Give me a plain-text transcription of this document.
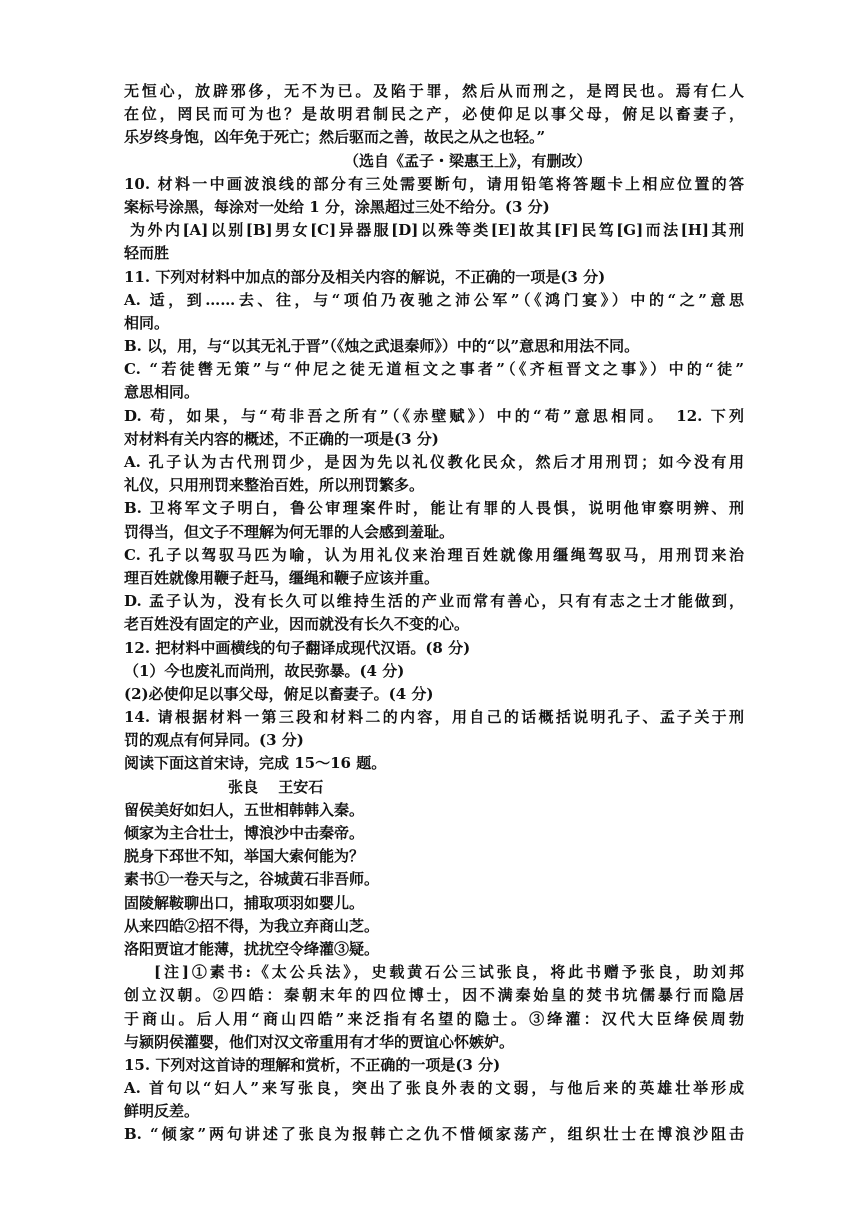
无恒心，放辟邪侈，无不为已。及陷于罪，然后从而刑之，是罔民也。焉有仁人
在位，罔民而可为也？是故明君制民之产，必使仰足以事父母，俯足以畜妻子，
乐岁终身饱，凶年免于死亡；然后驱而之善，故民之从之也轻。”
（选自《孟子・梁惠王上》，有删改）
10. 材料一中画波浪线的部分有三处需要断句，请用铅笔将答题卡上相应位置的答
案标号涂黑，每涂对一处给 1 分，涂黑超过三处不给分。(3 分)
为外内[A]以别[B]男女[C]异器服[D]以殊等类[E]故其[F]民笃[G]而法[H]其刑
轻而胜
11. 下列对材料中加点的部分及相关内容的解说，不正确的一项是(3 分)
A. 适，到……去、往，与“项伯乃夜驰之沛公军”（《鸿门宴》）中的“之”意思
相同。
B. 以，用，与“以其无礼于晋”（《烛之武退秦师》）中的“以”意思和用法不同。
C. “若徒辔无策”与“仲尼之徒无道桓文之事者”（《齐桓晋文之事》）中的“徒”
意思相同。
D. 苟，如果，与“苟非吾之所有”（《赤壁赋》）中的“苟”意思相同。　12. 下列
对材料有关内容的概述，不正确的一项是(3 分)
A. 孔子认为古代刑罚少，是因为先以礼仪教化民众，然后才用刑罚；如今没有用
礼仪，只用刑罚来整治百姓，所以刑罚繁多。
B. 卫将军文子明白，鲁公审理案件时，能让有罪的人畏惧，说明他审察明辨、刑
罚得当，但文子不理解为何无罪的人会感到羞耻。
C. 孔子以驾驭马匹为喻，认为用礼仪来治理百姓就像用缰绳驾驭马，用刑罚来治
理百姓就像用鞭子赶马，缰绳和鞭子应该并重。
D. 孟子认为，没有长久可以维持生活的产业而常有善心，只有有志之士才能做到，
老百姓没有固定的产业，因而就没有长久不变的心。
12. 把材料中画横线的句子翻译成现代汉语。(8 分)
（1）今也废礼而尚刑，故民弥暴。(4 分)
(2)必使仰足以事父母，俯足以畜妻子。(4 分)
14. 请根据材料一第三段和材料二的内容，用自己的话概括说明孔子、孟子关于刑
罚的观点有何异同。(3 分)
阅读下面这首宋诗，完成 15～16 题。
张良　 王安石
留侯美好如妇人，五世相韩韩入秦。
倾家为主合壮士，博浪沙中击秦帝。
脱身下邳世不知，举国大索何能为？
素书①一卷天与之，谷城黄石非吾师。
固陵解鞍聊出口，捕取项羽如婴儿。
从来四皓②招不得，为我立弃商山芝。
洛阳贾谊才能薄，扰扰空令绛灌③疑。
[注]①素书:《太公兵法》，史载黄石公三试张良，将此书赠予张良，助刘邦
创立汉朝。②四皓：秦朝末年的四位博士，因不满秦始皇的焚书坑儒暴行而隐居
于商山。后人用“商山四皓”来泛指有名望的隐士。③绛灌：汉代大臣绛侯周勃
与颍阴侯灌婴，他们对汉文帝重用有才华的贾谊心怀嫉妒。
15. 下列对这首诗的理解和赏析，不正确的一项是(3 分)
A. 首句以“妇人”来写张良，突出了张良外表的文弱，与他后来的英雄壮举形成
鲜明反差。
B. “倾家”两句讲述了张良为报韩亡之仇不惜倾家荡产，组织壮士在博浪沙阻击
